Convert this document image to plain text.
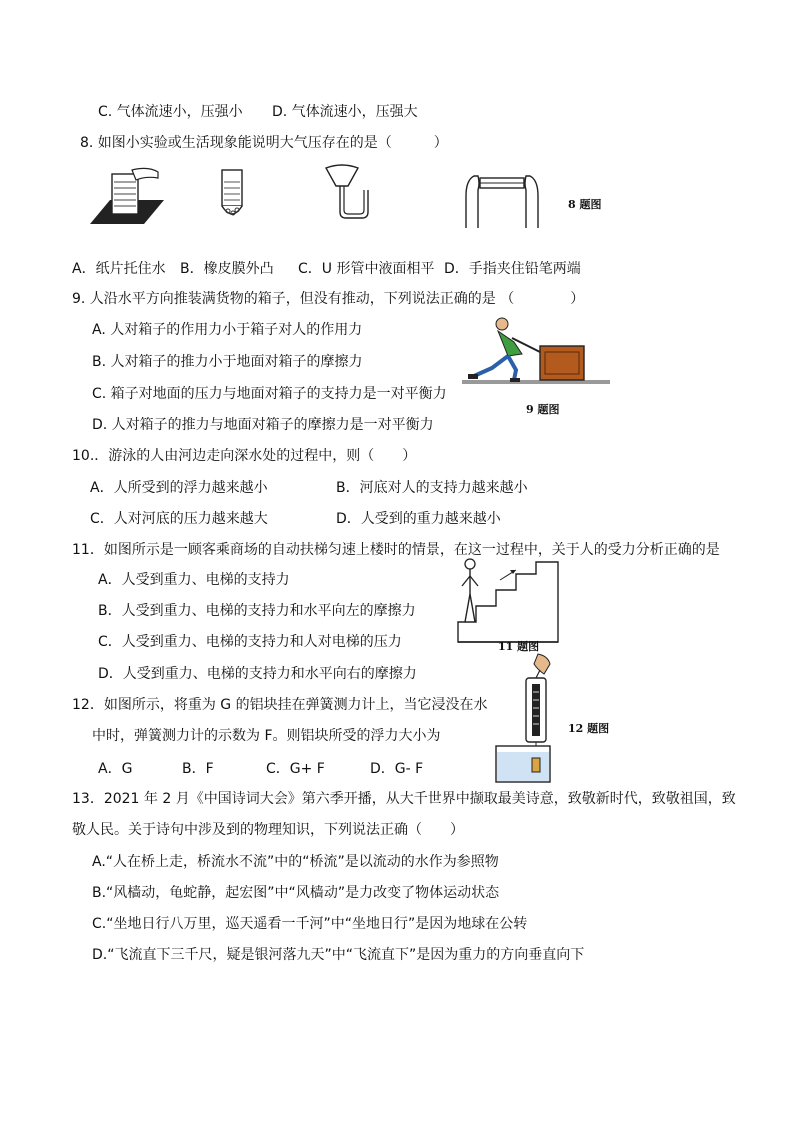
C. 气体流速小，压强小 D. 气体流速小，压强大
8. 如图小实验或生活现象能说明大气压存在的是（　　　）
8 题图
A．纸片托住水 B．橡皮膜外凸 C．U 形管中液面相平 D．手指夹住铅笔两端
9. 人沿水平方向推装满货物的箱子，但没有推动，下列说法正确的是 （　　　　）
A. 人对箱子的作用力小于箱子对人的作用力
B. 人对箱子的推力小于地面对箱子的摩擦力
C. 箱子对地面的压力与地面对箱子的支持力是一对平衡力
D. 人对箱子的推力与地面对箱子的摩擦力是一对平衡力
9 题图
10.．游泳的人由河边走向深水处的过程中，则（　　）
A．人所受到的浮力越来越小	B．河底对人的支持力越来越小
C．人对河底的压力越来越大	D．人受到的重力越来越小
11．如图所示是一顾客乘商场的自动扶梯匀速上楼时的情景，在这一过程中，关于人的受力分析正确的是
A．人受到重力、电梯的支持力
B．人受到重力、电梯的支持力和水平向左的摩擦力
C．人受到重力、电梯的支持力和人对电梯的压力
D．人受到重力、电梯的支持力和水平向右的摩擦力
11 题图
12．如图所示，将重为 G 的铝块挂在弹簧测力计上，当它浸没在水
中时，弹簧测力计的示数为 F。则铝块所受的浮力大小为
A．G	B．F	C．G+ F	D．G- F
12 题图
13．2021 年 2 月《中国诗词大会》第六季开播，从大千世界中撷取最美诗意，致敬新时代，致敬祖国，致
敬人民。关于诗句中涉及到的物理知识，下列说法正确（　　）
A.“人在桥上走，桥流水不流”中的“桥流”是以流动的水作为参照物
B.“风樯动，龟蛇静，起宏图”中“风樯动”是力改变了物体运动状态
C.“坐地日行八万里，巡天遥看一千河”中“坐地日行”是因为地球在公转
D.“飞流直下三千尺，疑是银河落九天”中“飞流直下”是因为重力的方向垂直向下
